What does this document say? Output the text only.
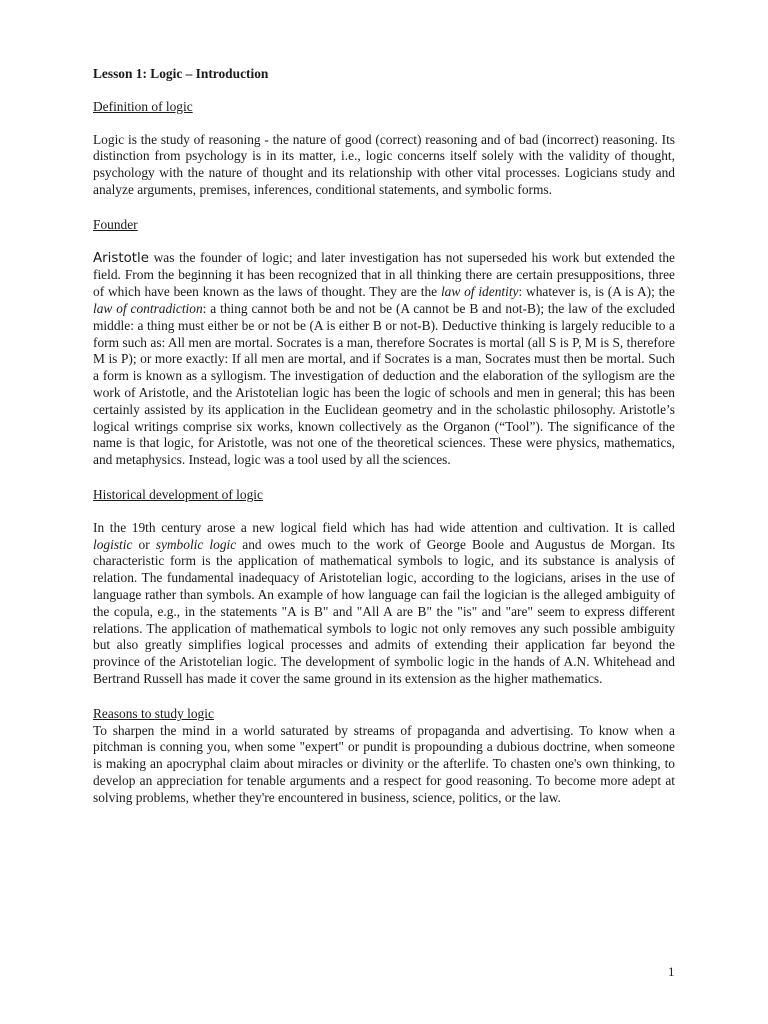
Lesson 1: Logic – Introduction
Definition of logic

Logic is the study of reasoning - the nature of good (correct) reasoning and of bad (incorrect) reasoning. Its distinction from psychology is in its matter, i.e., logic concerns itself solely with the validity of thought, psychology with the nature of thought and its relationship with other vital processes. Logicians study and analyze arguments, premises, inferences, conditional statements, and symbolic forms.

Founder

Aristotle was the founder of logic; and later investigation has not superseded his work but extended the field. From the beginning it has been recognized that in all thinking there are certain presuppositions, three of which have been known as the laws of thought. They are the law of identity: whatever is, is (A is A); the law of contradiction: a thing cannot both be and not be (A cannot be B and not-B); the law of the excluded middle: a thing must either be or not be (A is either B or not-B). Deductive thinking is largely reducible to a form such as: All men are mortal. Socrates is a man, therefore Socrates is mortal (all S is P, M is S, therefore M is P); or more exactly: If all men are mortal, and if Socrates is a man, Socrates must then be mortal. Such a form is known as a syllogism. The investigation of deduction and the elaboration of the syllogism are the work of Aristotle, and the Aristotelian logic has been the logic of schools and men in general; this has been certainly assisted by its application in the Euclidean geometry and in the scholastic philosophy. Aristotle’s logical writings comprise six works, known collectively as the Organon (“Tool”). The significance of the name is that logic, for Aristotle, was not one of the theoretical sciences. These were physics, mathematics, and metaphysics. Instead, logic was a tool used by all the sciences.

Historical development of logic

In the 19th century arose a new logical field which has had wide attention and cultivation. It is called logistic or symbolic logic and owes much to the work of George Boole and Augustus de Morgan. Its characteristic form is the application of mathematical symbols to logic, and its substance is analysis of relation. The fundamental inadequacy of Aristotelian logic, according to the logicians, arises in the use of language rather than symbols. An example of how language can fail the logician is the alleged ambiguity of the copula, e.g., in the statements "A is B" and "All A are B" the "is" and "are" seem to express different relations. The application of mathematical symbols to logic not only removes any such possible ambiguity but also greatly simplifies logical processes and admits of extending their application far beyond the province of the Aristotelian logic. The development of symbolic logic in the hands of A.N. Whitehead and Bertrand Russell has made it cover the same ground in its extension as the higher mathematics.

Reasons to study logic

To sharpen the mind in a world saturated by streams of propaganda and advertising. To know when a pitchman is conning you, when some "expert" or pundit is propounding a dubious doctrine, when someone is making an apocryphal claim about miracles or divinity or the afterlife. To chasten one's own thinking, to develop an appreciation for tenable arguments and a respect for good reasoning. To become more adept at solving problems, whether they're encountered in business, science, politics, or the law.

1
